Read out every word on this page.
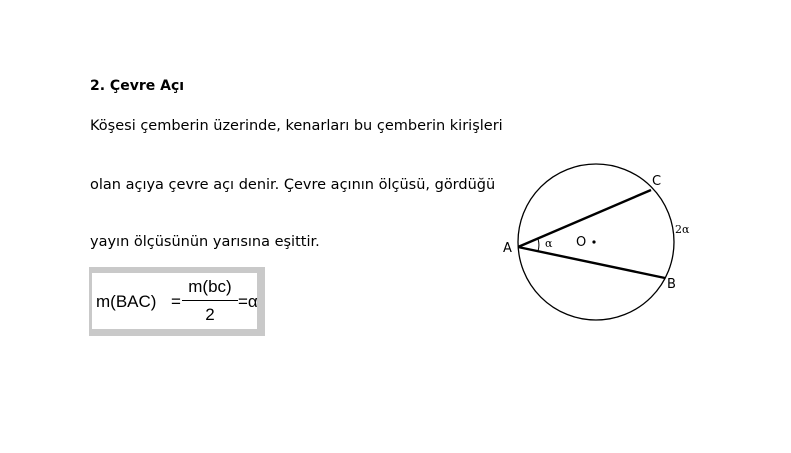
2. Çevre Açı

Köşesi çemberin üzerinde, kenarları bu çemberin kirişleri

olan açıya çevre açı denir. Çevre açının ölçüsü, gördüğü

yayın ölçüsünün yarısına eşittir.

m(BAC) =
m(bc)
2
=α
A
B
C
O
α
2α
